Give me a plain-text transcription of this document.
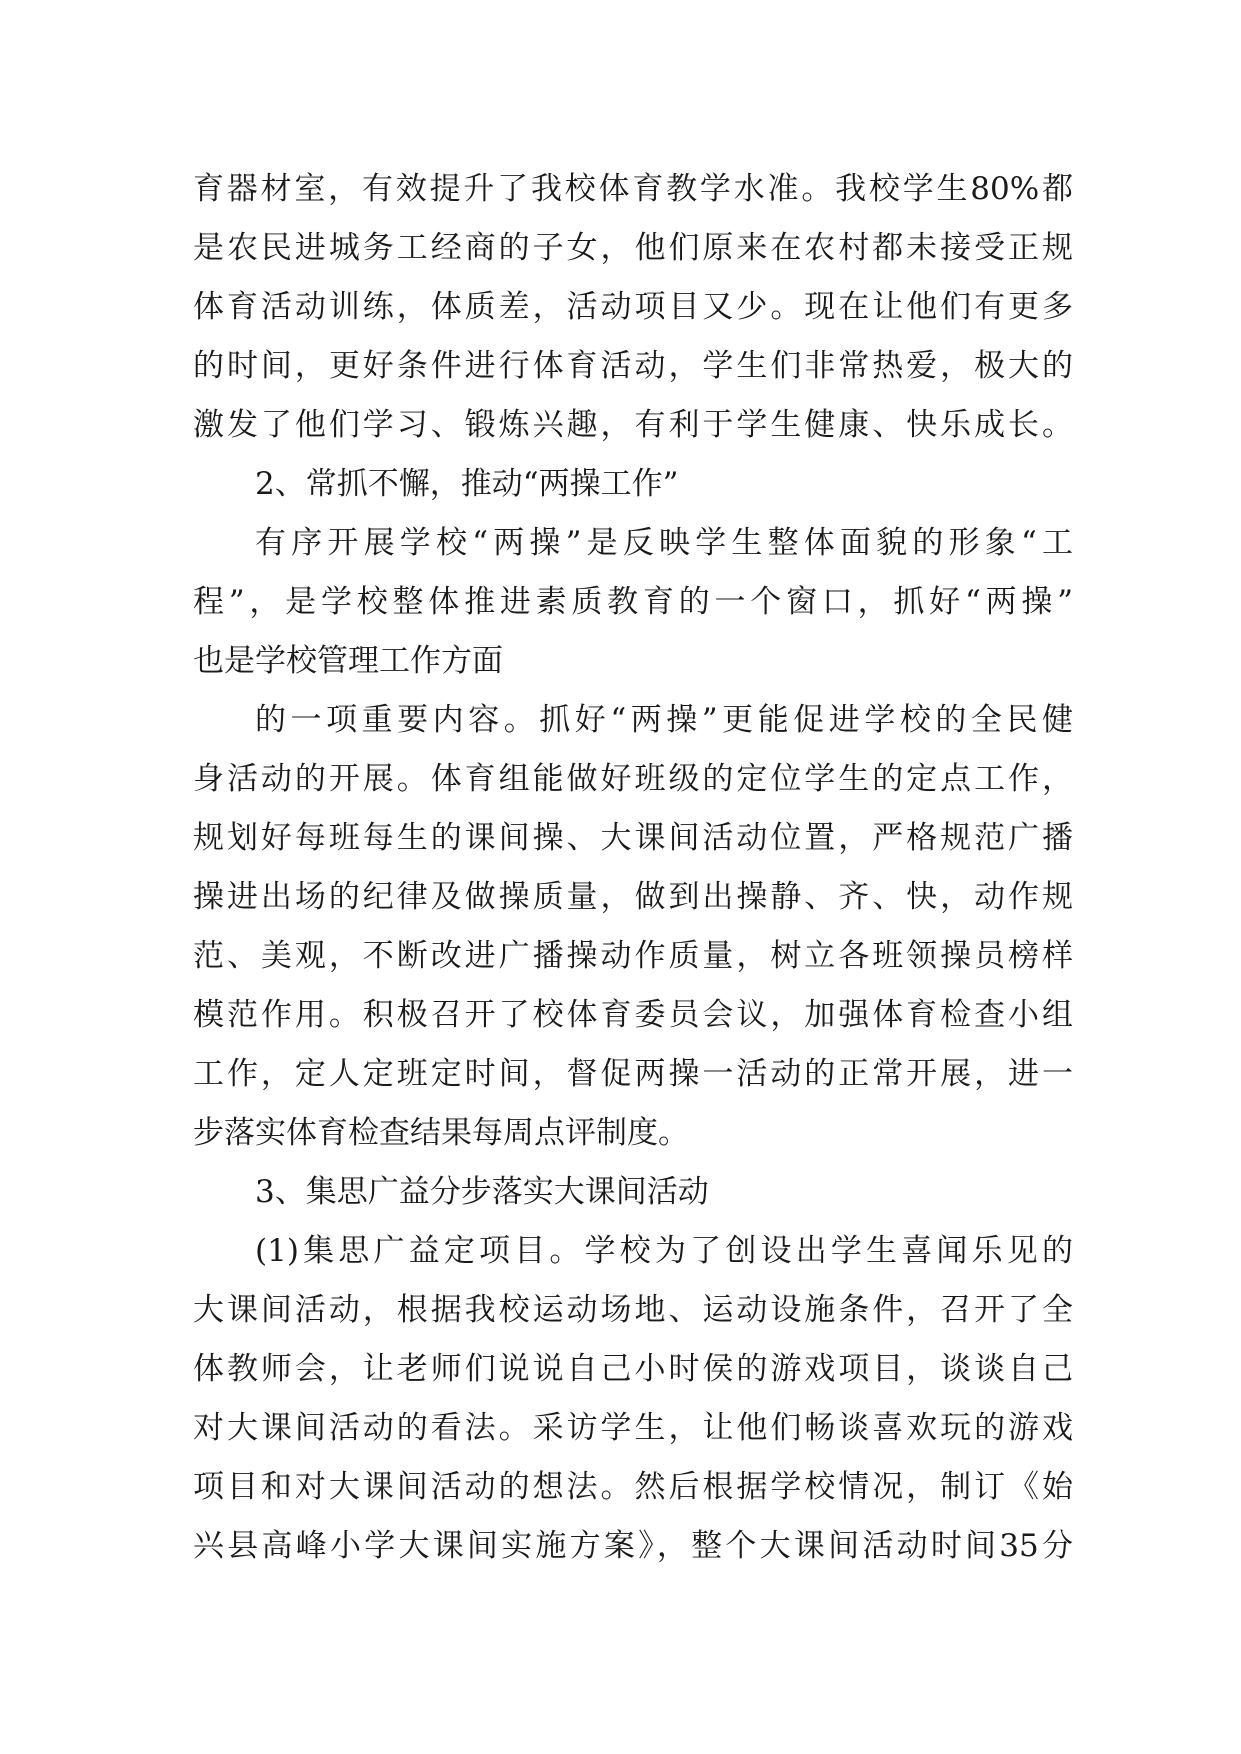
育器材室，有效提升了我校体育教学水准。我校学生80%都
是农民进城务工经商的子女，他们原来在农村都未接受正规
体育活动训练，体质差，活动项目又少。现在让他们有更多
的时间，更好条件进行体育活动，学生们非常热爱，极大的
激发了他们学习、锻炼兴趣，有利于学生健康、快乐成长。
2、常抓不懈，推动“两操工作”
有序开展学校“两操”是反映学生整体面貌的形象“工
程”，是学校整体推进素质教育的一个窗口，抓好“两操”
也是学校管理工作方面
的一项重要内容。抓好“两操”更能促进学校的全民健
身活动的开展。体育组能做好班级的定位学生的定点工作，
规划好每班每生的课间操、大课间活动位置，严格规范广播
操进出场的纪律及做操质量，做到出操静、齐、快，动作规
范、美观，不断改进广播操动作质量，树立各班领操员榜样
模范作用。积极召开了校体育委员会议，加强体育检查小组
工作，定人定班定时间，督促两操一活动的正常开展，进一
步落实体育检查结果每周点评制度。
3、集思广益分步落实大课间活动
(1)集思广益定项目。学校为了创设出学生喜闻乐见的
大课间活动，根据我校运动场地、运动设施条件，召开了全
体教师会，让老师们说说自己小时侯的游戏项目，谈谈自己
对大课间活动的看法。采访学生，让他们畅谈喜欢玩的游戏
项目和对大课间活动的想法。然后根据学校情况，制订《始
兴县高峰小学大课间实施方案》，整个大课间活动时间35分
